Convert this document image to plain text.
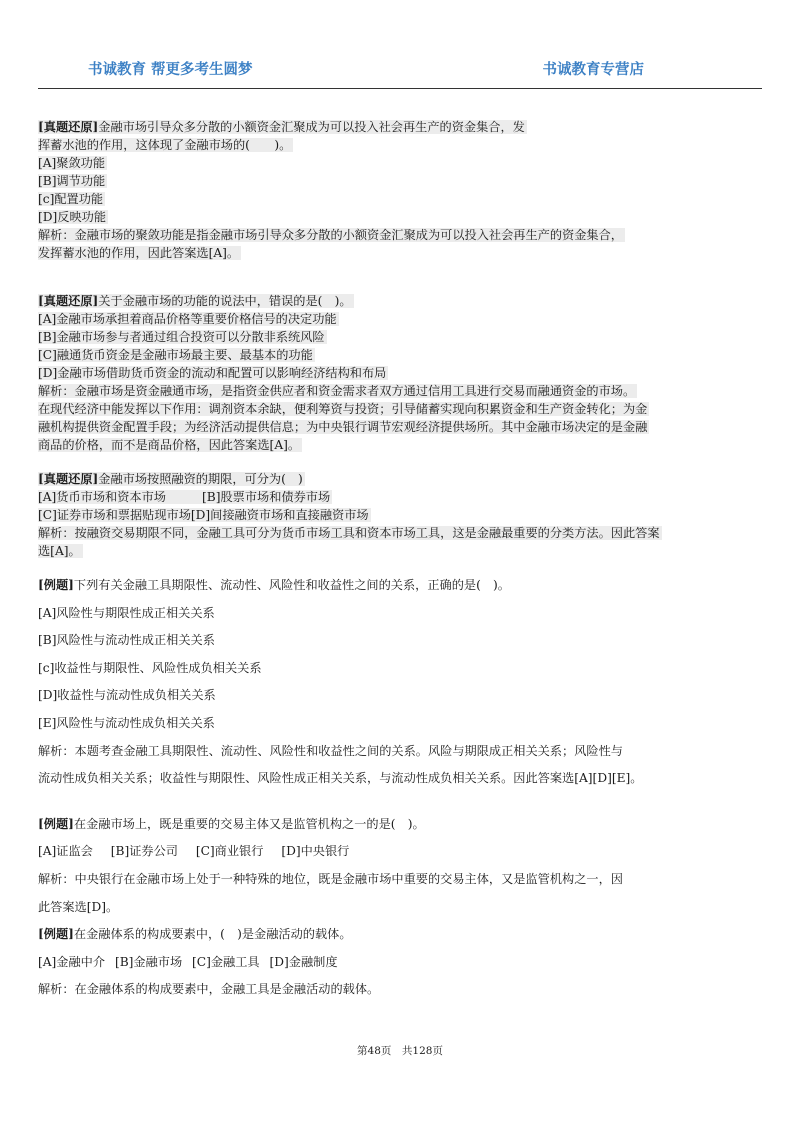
书诚教育 帮更多考生圆梦	书诚教育专营店
[真题还原]金融市场引导众多分散的小额资金汇聚成为可以投入社会再生产的资金集合，发
挥蓄水池的作用，这体现了金融市场的(　　)。
[A]聚敛功能
[B]调节功能
[c]配置功能
[D]反映功能
解析：金融市场的聚敛功能是指金融市场引导众多分散的小额资金汇聚成为可以投入社会再生产的资金集合，
发挥蓄水池的作用，因此答案选[A]。
[真题还原]关于金融市场的功能的说法中，错误的是(　)。
[A]金融市场承担着商品价格等重要价格信号的决定功能
[B]金融市场参与者通过组合投资可以分散非系统风险
[C]融通货币资金是金融市场最主要、最基本的功能
[D]金融市场借助货币资金的流动和配置可以影响经济结构和布局
解析：金融市场是资金融通市场，是指资金供应者和资金需求者双方通过信用工具进行交易而融通资金的市场。
在现代经济中能发挥以下作用：调剂资本余缺，便利筹资与投资；引导储蓄实现向积累资金和生产资金转化；为金
融机构提供资金配置手段；为经济活动提供信息；为中央银行调节宏观经济提供场所。其中金融市场决定的是金融
商品的价格，而不是商品价格，因此答案选[A]。
[真题还原]金融市场按照融资的期限，可分为(　)
[A]货币市场和资本市场	[B]股票市场和债券市场
[C]证券市场和票据贴现市场[D]间接融资市场和直接融资市场
解析：按融资交易期限不同，金融工具可分为货币市场工具和资本市场工具，这是金融最重要的分类方法。因此答案
选[A]。
[例题]下列有关金融工具期限性、流动性、风险性和收益性之间的关系，正确的是(　)。
[A]风险性与期限性成正相关关系
[B]风险性与流动性成正相关关系
[c]收益性与期限性、风险性成负相关关系
[D]收益性与流动性成负相关关系
[E]风险性与流动性成负相关关系
解析：本题考查金融工具期限性、流动性、风险性和收益性之间的关系。风险与期限成正相关关系；风险性与
流动性成负相关关系；收益性与期限性、风险性成正相关关系，与流动性成负相关关系。因此答案选[A][D][E]。
[例题]在金融市场上，既是重要的交易主体又是监管机构之一的是(　)。
[A]证监会 [B]证券公司 [C]商业银行 [D]中央银行
解析：中央银行在金融市场上处于一种特殊的地位，既是金融市场中重要的交易主体，又是监管机构之一，因
此答案选[D]。
[例题]在金融体系的构成要素中，(　)是金融活动的载体。
[A]金融中介 [B]金融市场 [C]金融工具 [D]金融制度
解析：在金融体系的构成要素中，金融工具是金融活动的载体。
第48页　共128页
